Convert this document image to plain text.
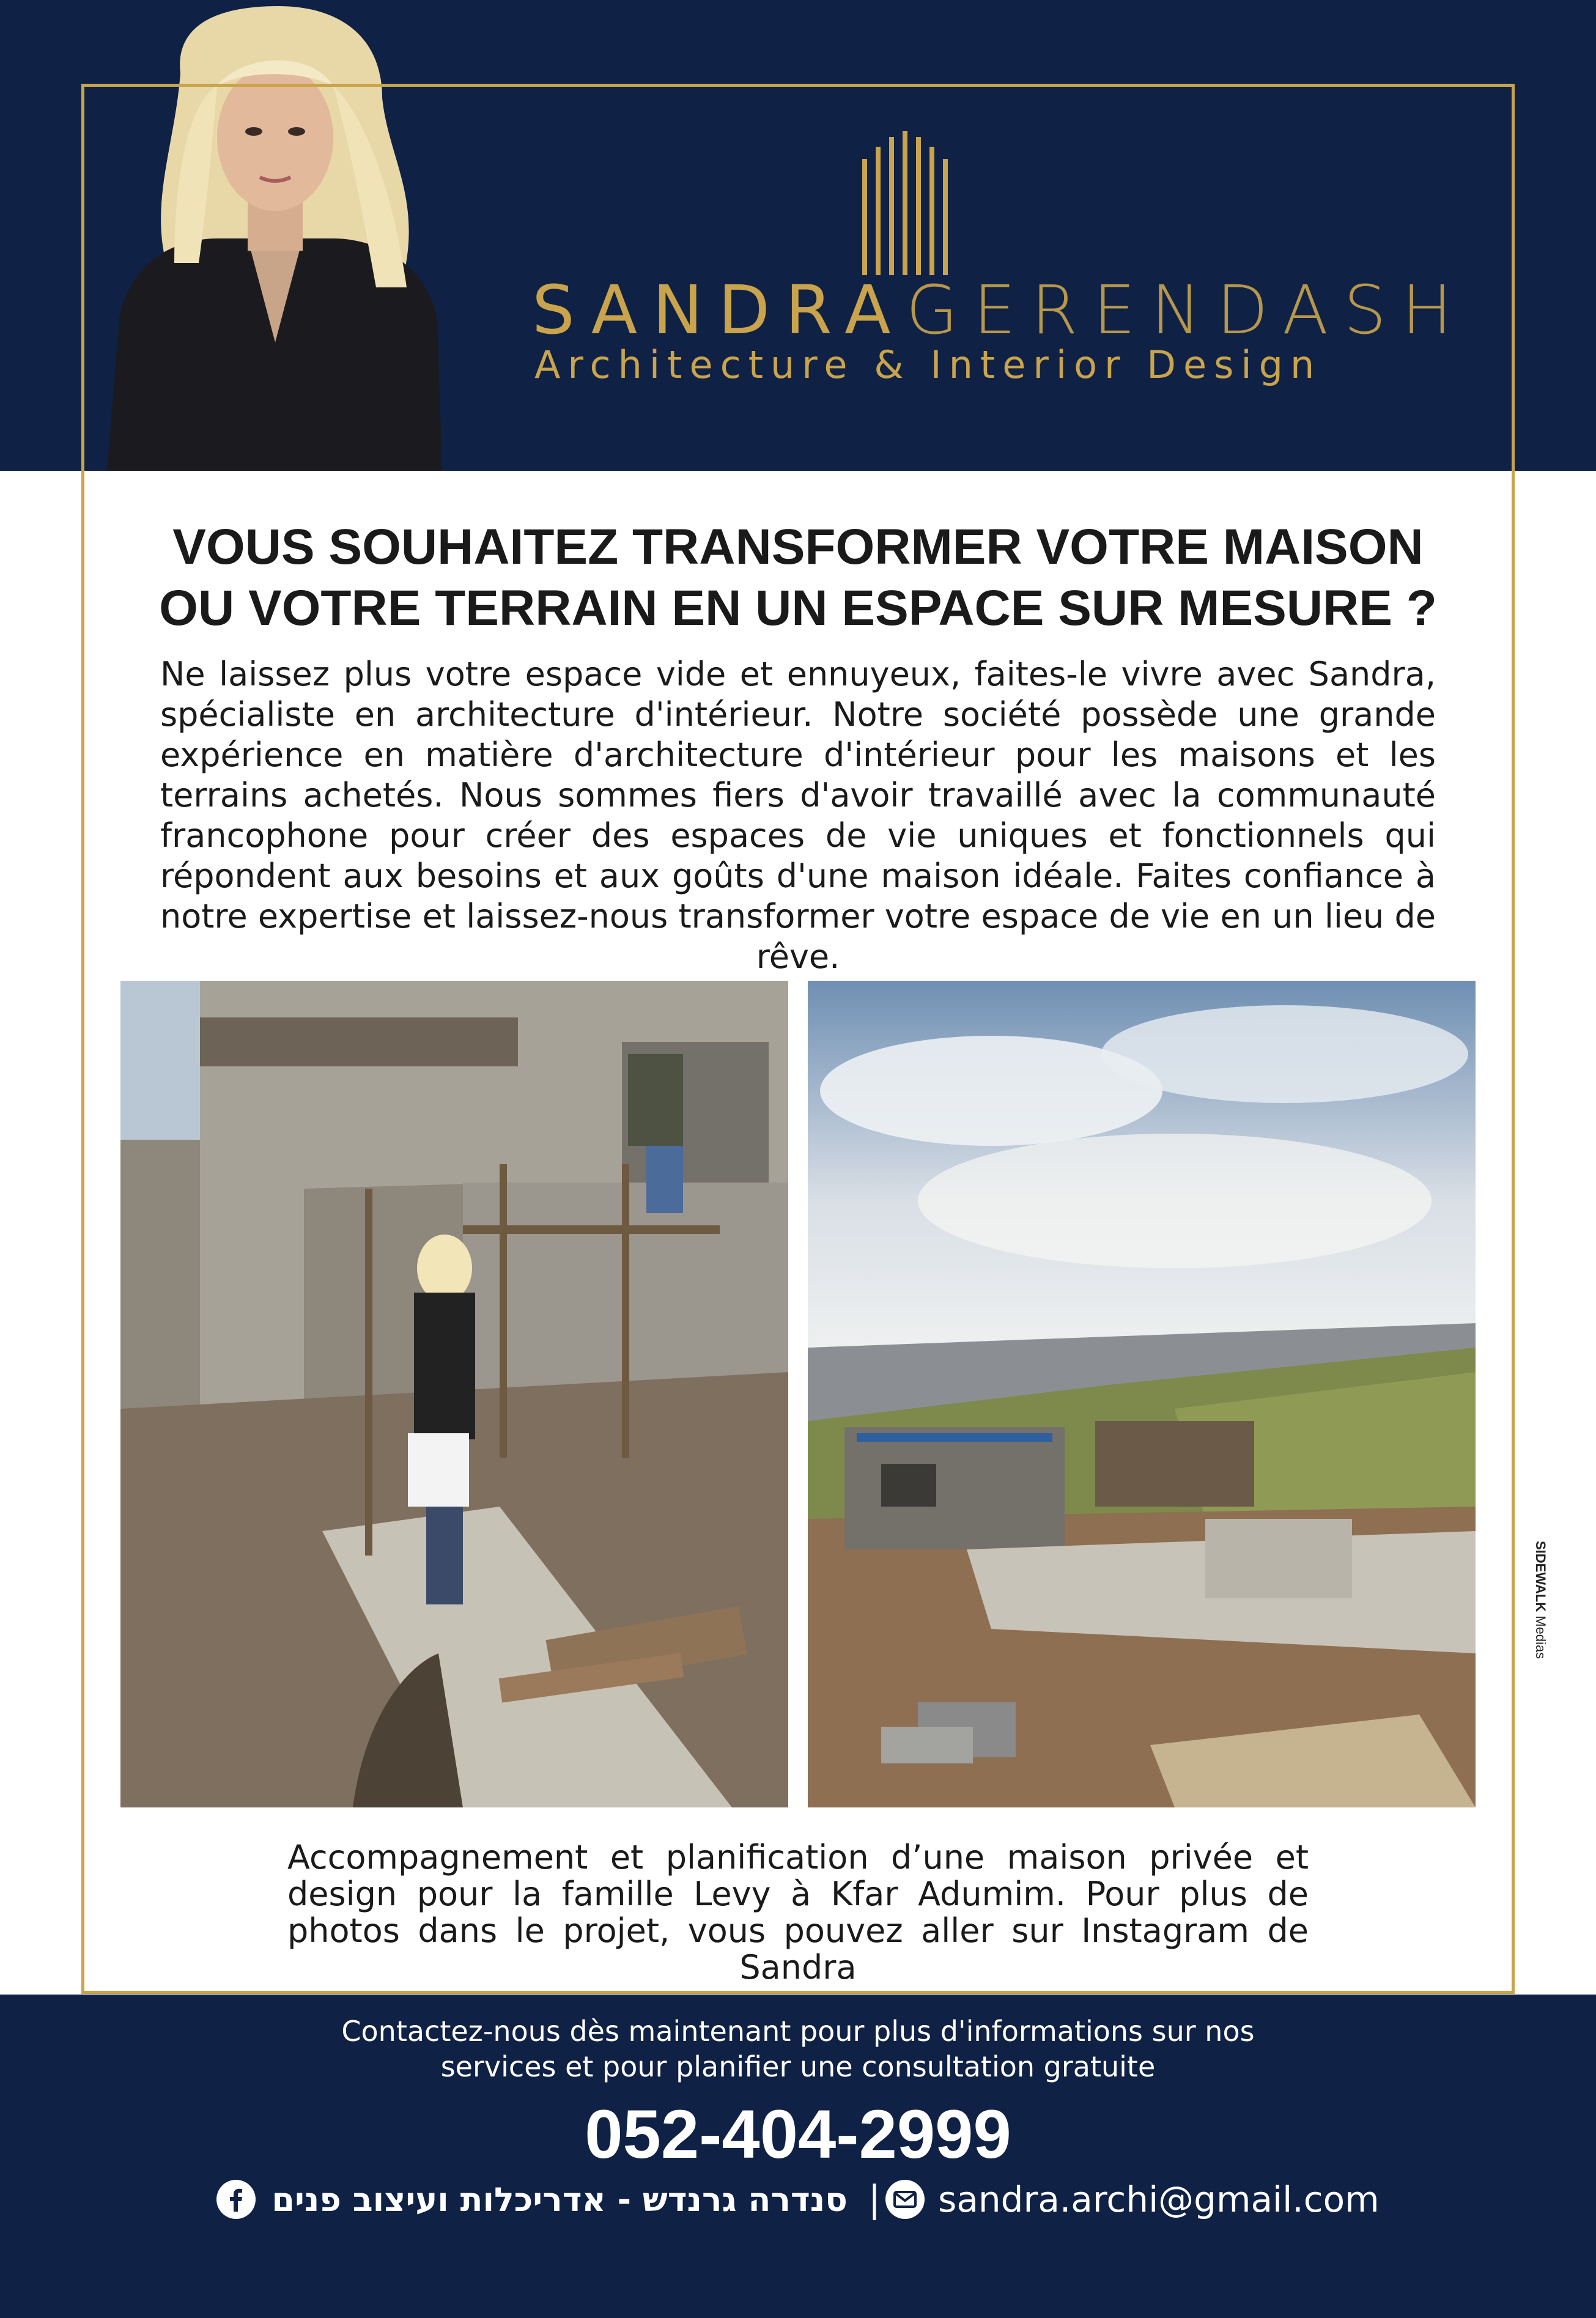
SANDRAGERENDASH
Architecture & Interior Design
VOUS SOUHAITEZ TRANSFORMER VOTRE MAISON
OU VOTRE TERRAIN EN UN ESPACE SUR MESURE ?
Ne laissez plus votre espace vide et ennuyeux, faites-le vivre avec Sandra, spécialiste en architecture d'intérieur. Notre société possède une grande expérience en matière d'architecture d'intérieur pour les maisons et les terrains achetés. Nous sommes fiers d'avoir travaillé avec la communauté francophone pour créer des espaces de vie uniques et fonctionnels qui répondent aux besoins et aux goûts d'une maison idéale. Faites confiance à notre expertise et laissez-nous transformer votre espace de vie en un lieu de rêve.
Accompagnement et planification d’une maison privée et design pour la famille Levy à Kfar Adumim. Pour plus de photos dans le projet, vous pouvez aller sur Instagram de Sandra
Contactez-nous dès maintenant pour plus d'informations sur nos
services et pour planifier une consultation gratuite
052-404-2999
סנדרה גרנדש - אדריכלות ועיצוב פנים | sandra.archi@gmail.com
SIDEWALK Medias
